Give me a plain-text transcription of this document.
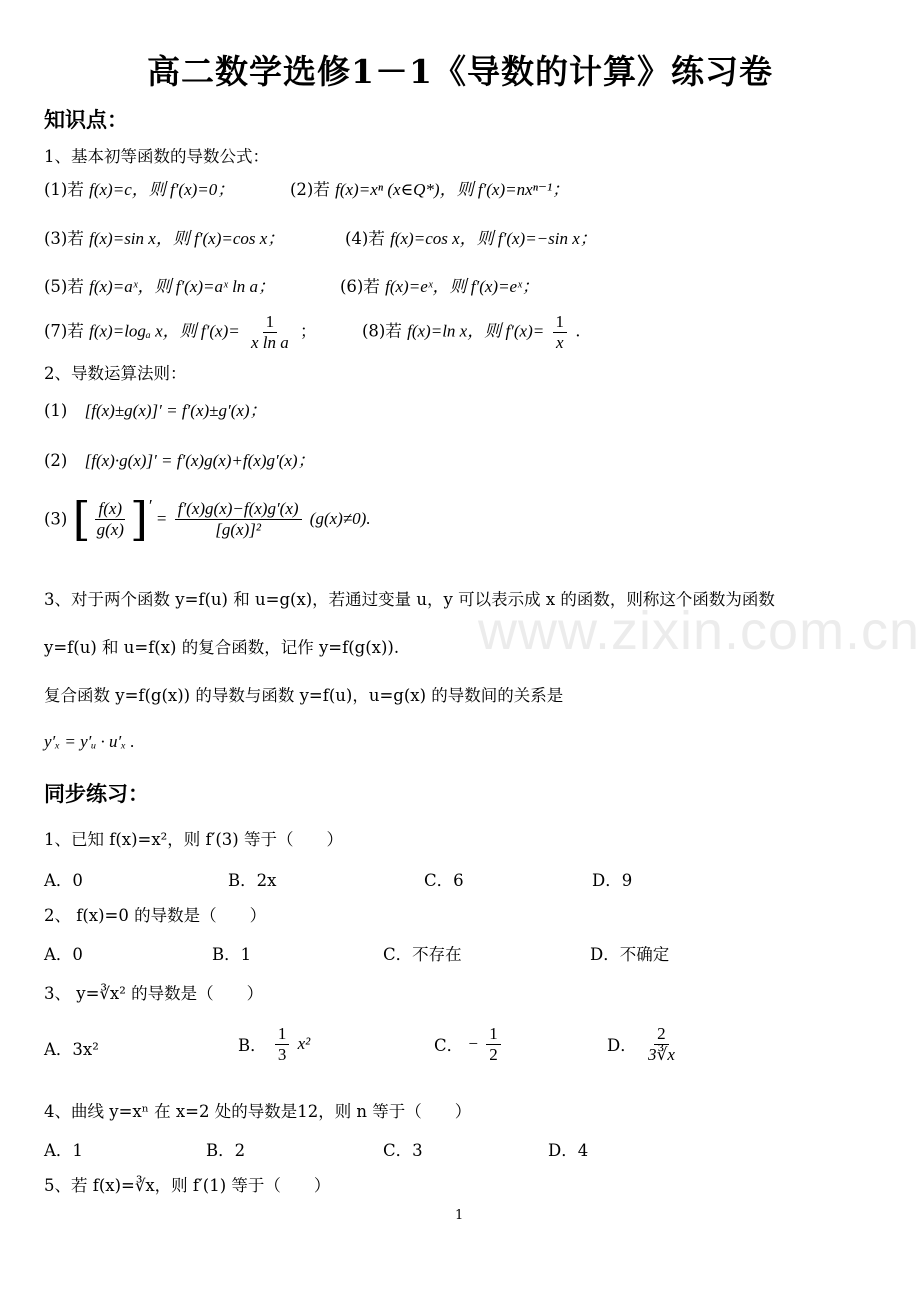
www.zixin.com.cn
高二数学选修1－1《导数的计算》练习卷
知识点：
1、基本初等函数的导数公式：
(1)若 f(x)=c，则 f′(x)=0；	(2)若 f(x)=xⁿ (x∈Q*)，则 f′(x)=nxⁿ⁻¹；
(3)若 f(x)=sin x，则 f′(x)=cos x；	(4)若 f(x)=cos x，则 f′(x)=−sin x；
(5)若 f(x)=aˣ，则 f′(x)=aˣ ln a；	(6)若 f(x)=eˣ，则 f′(x)=eˣ；
(7)若 f(x)=logₐ x，则 $f'(x)= \frac{1}{\text{x ln a}}$ ；	(8)若 f(x)=ln x，则 $f'(x)= \frac{1}{x}$ .
2、导数运算法则：
(1) [f(x)±g(x)]′ = f′(x)±g′(x)；
(2) [f(x)·g(x)]′ = f′(x)g(x)+f(x)g′(x)；
(3) [ $\frac{f(x)}{g(x)}$ ]′ = $\frac{f'(x)g(x)-f(x)g'(x)}{\text{[g(x)]²}} (g(x)\ne 0)$.
3、对于两个函数 y=f(u) 和 u=g(x)，若通过变量 u，y 可以表示成 x 的函数，则称这个函数为函数
y=f(u) 和 u=f(x) 的复合函数，记作 y=f(g(x)).
复合函数 y=f(g(x)) 的导数与函数 y=f(u)，u=g(x) 的导数间的关系是
y′ₓ = y′ᵤ · u′ₓ .
同步练习：
1、已知 f(x)=x²，则 f′(3) 等于（　　）
A．0	B．2x	C．6	D．9
2、 f(x)=0 的导数是（　　）
A．0	B．1	C．不存在	D．不确定
3、 y=∛x² 的导数是（　　）
A．3x²	B． $\frac{1}{3} x^2$	C． − $\frac{1}{2}$	D． $\frac{2}{3∛x}$
4、曲线 y=xⁿ 在 x=2 处的导数是12，则 n 等于（　　）
A．1	B．2	C．3	D．4
5、若 f(x)=∛x，则 f′(1) 等于（　　）
1
